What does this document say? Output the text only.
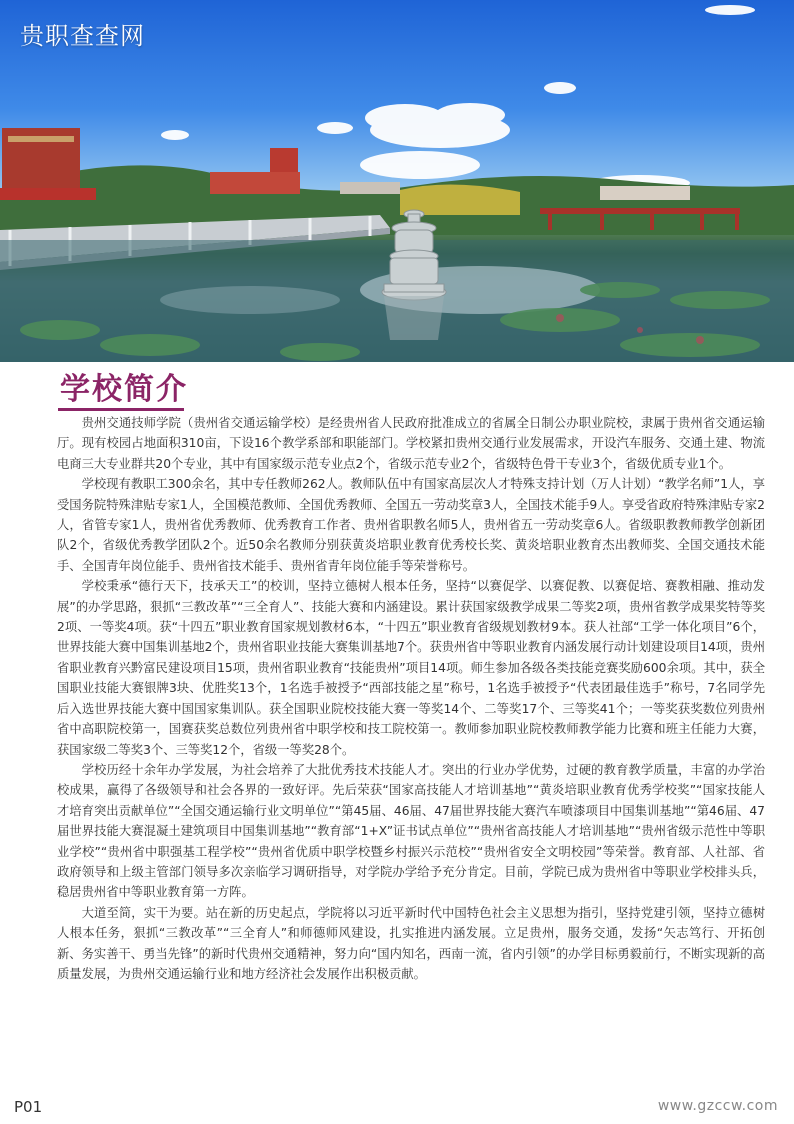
贵职查查网
学校简介

贵州交通技师学院（贵州省交通运输学校）是经贵州省人民政府批准成立的省属全日制公办职业院校，隶属于贵州省交通运输厅。现有校园占地面积310亩，下设16个教学系部和职能部门。学校紧扣贵州交通行业发展需求，开设汽车服务、交通土建、物流电商三大专业群共20个专业，其中有国家级示范专业点2个，省级示范专业2个，省级特色骨干专业3个，省级优质专业1个。

学校现有教职工300余名，其中专任教师262人。教师队伍中有国家高层次人才特殊支持计划（万人计划）“教学名师”1人，享受国务院特殊津贴专家1人，全国模范教师、全国优秀教师、全国五一劳动奖章3人，全国技术能手9人。享受省政府特殊津贴专家2人，省管专家1人，贵州省优秀教师、优秀教育工作者、贵州省职教名师5人，贵州省五一劳动奖章6人。省级职教教师教学创新团队2个，省级优秀教学团队2个。近50余名教师分别获黄炎培职业教育优秀校长奖、黄炎培职业教育杰出教师奖、全国交通技术能手、全国青年岗位能手、贵州省技术能手、贵州省青年岗位能手等荣誉称号。

学校秉承“德行天下，技承天工”的校训，坚持立德树人根本任务，坚持“以赛促学、以赛促教、以赛促培、赛教相融、推动发展”的办学思路，狠抓“三教改革”“三全育人”、技能大赛和内涵建设。累计获国家级教学成果二等奖2项，贵州省教学成果奖特等奖2项、一等奖4项。获“十四五”职业教育国家规划教材6本，“十四五”职业教育省级规划教材9本。获人社部“工学一体化项目”6个，世界技能大赛中国集训基地2个，贵州省职业技能大赛集训基地7个。获贵州省中等职业教育内涵发展行动计划建设项目14项，贵州省职业教育兴黔富民建设项目15项，贵州省职业教育“技能贵州”项目14项。师生参加各级各类技能竞赛奖励600余项。其中，获全国职业技能大赛银牌3块、优胜奖13个，1名选手被授予“西部技能之星”称号，1名选手被授予“代表团最佳选手”称号，7名同学先后入选世界技能大赛中国国家集训队。获全国职业院校技能大赛一等奖14个、二等奖17个、三等奖41个；一等奖获奖数位列贵州省中高职院校第一，国赛获奖总数位列贵州省中职学校和技工院校第一。教师参加职业院校教师教学能力比赛和班主任能力大赛，获国家级二等奖3个、三等奖12个，省级一等奖28个。

学校历经十余年办学发展，为社会培养了大批优秀技术技能人才。突出的行业办学优势，过硬的教育教学质量，丰富的办学治校成果，赢得了各级领导和社会各界的一致好评。先后荣获“国家高技能人才培训基地”“黄炎培职业教育优秀学校奖”“国家技能人才培育突出贡献单位”“全国交通运输行业文明单位”“第45届、46届、47届世界技能大赛汽车喷漆项目中国集训基地”“第46届、47届世界技能大赛混凝土建筑项目中国集训基地”“教育部“1+X”证书试点单位”“贵州省高技能人才培训基地”“贵州省级示范性中等职业学校”“贵州省中职强基工程学校”“贵州省优质中职学校暨乡村振兴示范校”“贵州省安全文明校园”等荣誉。教育部、人社部、省政府领导和上级主管部门领导多次亲临学习调研指导，对学院办学给予充分肯定。目前，学院已成为贵州省中等职业学校排头兵，稳居贵州省中等职业教育第一方阵。

大道至简，实干为要。站在新的历史起点，学院将以习近平新时代中国特色社会主义思想为指引，坚持党建引领，坚持立德树人根本任务，狠抓“三教改革”“三全育人”和师德师风建设，扎实推进内涵发展。立足贵州，服务交通，发扬“矢志笃行、开拓创新、务实善干、勇当先锋”的新时代贵州交通精神，努力向“国内知名，西南一流，省内引领”的办学目标勇毅前行，不断实现新的高质量发展，为贵州交通运输行业和地方经济社会发展作出积极贡献。

P01	www.gzccw.com
